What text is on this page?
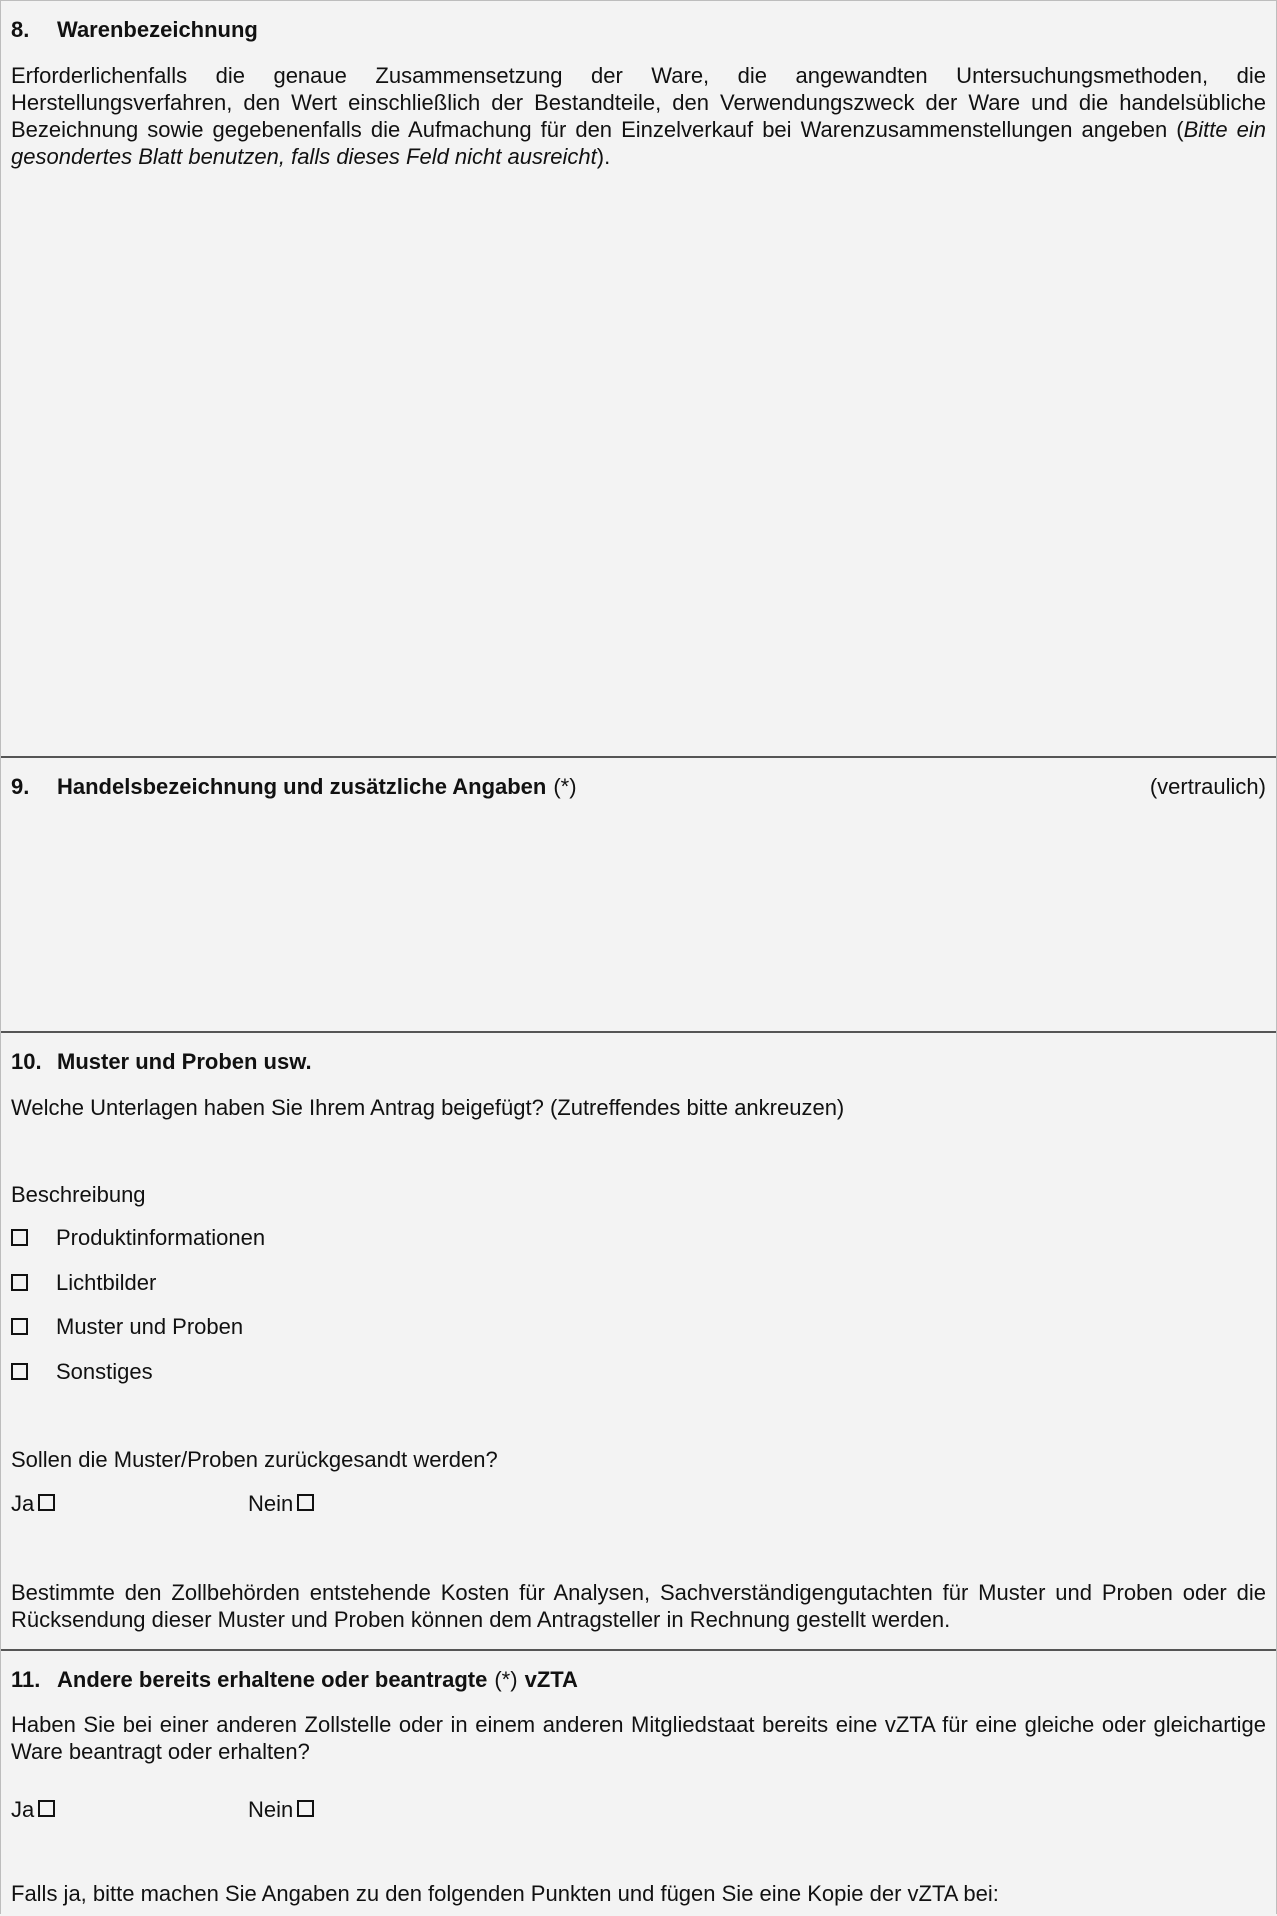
8.	Warenbezeichnung
Erforderlichenfalls die genaue Zusammensetzung der Ware, die angewandten Untersuchungsmethoden, die Herstellungsverfahren, den Wert einschließlich der Bestandteile, den Verwendungszweck der Ware und die handelsübliche Bezeichnung sowie gegebenenfalls die Aufmachung für den Einzelverkauf bei Warenzusammenstellungen angeben (Bitte ein gesondertes Blatt benutzen, falls dieses Feld nicht ausreicht).
9.	Handelsbezeichnung und zusätzliche Angaben (*)	(vertraulich)
10. Muster und Proben usw.
Welche Unterlagen haben Sie Ihrem Antrag beigefügt? (Zutreffendes bitte ankreuzen)
Beschreibung
Produktinformationen
Lichtbilder
Muster und Proben
Sonstiges
Sollen die Muster/Proben zurückgesandt werden?
Ja	Nein
Bestimmte den Zollbehörden entstehende Kosten für Analysen, Sachverständigengutachten für Muster und Proben oder die Rücksendung dieser Muster und Proben können dem Antragsteller in Rechnung gestellt werden.
11. Andere bereits erhaltene oder beantragte (*) vZTA
Haben Sie bei einer anderen Zollstelle oder in einem anderen Mitgliedstaat bereits eine vZTA für eine gleiche oder gleichartige Ware beantragt oder erhalten?
Ja	Nein
Falls ja, bitte machen Sie Angaben zu den folgenden Punkten und fügen Sie eine Kopie der vZTA bei:
